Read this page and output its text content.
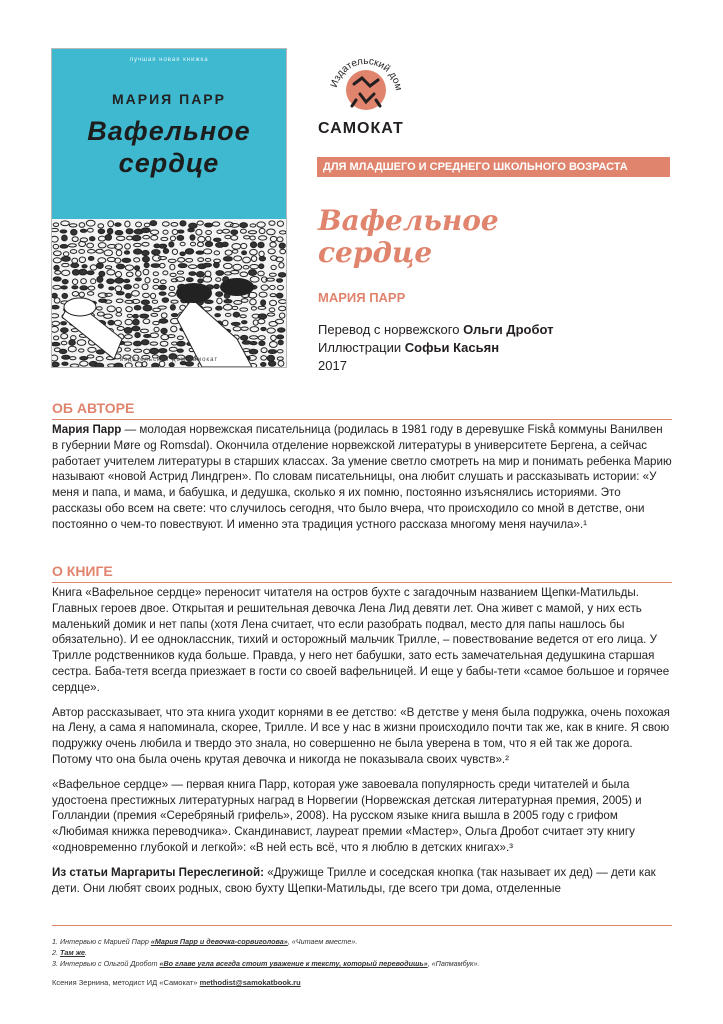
лучшая новая книжка
МАРИЯ ПАРР
Вафельное
сердце
издательский дом самокат
Издательский дом
САМОКАТ
ДЛЯ МЛАДШЕГО И СРЕДНЕГО ШКОЛЬНОГО ВОЗРАСТА
Вафельное
сердце
МАРИЯ ПАРР
Перевод с норвежского Ольги Дробот
Иллюстрации Софьи Касьян
2017
ОБ АВТОРЕ

Мария Парр — молодая норвежская писательница (родилась в 1981 году в деревушке Fiskå коммуны Ванилвен в губернии Møre og Romsdal). Окончила отделение норвежской литературы в университете Бергена, а сейчас работает учителем литературы в старших классах. За умение светло смотреть на мир и понимать ребенка Марию называют «новой Астрид Линдгрен». По словам писательницы, она любит слушать и рассказывать истории: «У меня и папа, и мама, и бабушка, и дедушка, сколько я их помню, постоянно изъяснялись историями. Это рассказы обо всем на свете: что случилось сегодня, что было вчера, что происходило со мной в детстве, они постоянно о чем-то повествуют. И именно эта традиция устного рассказа многому меня научила».¹

О КНИГЕ

Книга «Вафельное сердце» переносит читателя на остров бухте с загадочным названием Щепки-Матильды. Главных героев двое. Открытая и решительная девочка Лена Лид девяти лет. Она живет с мамой, у них есть маленький домик и нет папы (хотя Лена считает, что если разобрать подвал, место для папы нашлось бы обязательно). И ее одноклассник, тихий и осторожный мальчик Трилле, – повествование ведется от его лица. У Трилле родственников куда больше. Правда, у него нет бабушки, зато есть замечательная дедушкина старшая сестра. Баба-тетя всегда приезжает в гости со своей вафельницей. И еще у бабы-тети «самое большое и горячее сердце».

Автор рассказывает, что эта книга уходит корнями в ее детство: «В детстве у меня была подружка, очень похожая на Лену, а сама я напоминала, скорее, Трилле. И все у нас в жизни происходило почти так же, как в книге. Я свою подружку очень любила и твердо это знала, но совершенно не была уверена в том, что я ей так же дорога. Потому что она была очень крутая девочка и никогда не показывала своих чувств».²

«Вафельное сердце» — первая книга Парр, которая уже завоевала популярность среди читателей и была удостоена престижных литературных наград в Норвегии (Норвежская детская литературная премия, 2005) и Голландии (премия «Серебряный грифель», 2008). На русском языке книга вышла в 2005 году с грифом «Любимая книжка переводчика». Скандинавист, лауреат премии «Мастер», Ольга Дробот считает эту книгу «одновременно глубокой и легкой»: «В ней есть всё, что я люблю в детских книгах».³

Из статьи Маргариты Переслегиной: «Дружище Трилле и соседская кнопка (так называет их дед) — дети как дети. Они любят своих родных, свою бухту Щепки-Матильды, где всего три дома, отделенные

1. Интервью с Марией Парр «Мария Парр и девочка-сорвиголова», «Читаем вместе».
2. Там же.
3. Интервью с Ольгой Дробот «Во главе угла всегда стоит уважение к тексту, который переводишь», «Папмамбук».
Ксения Зернина, методист ИД «Самокат» methodist@samokatbook.ru
